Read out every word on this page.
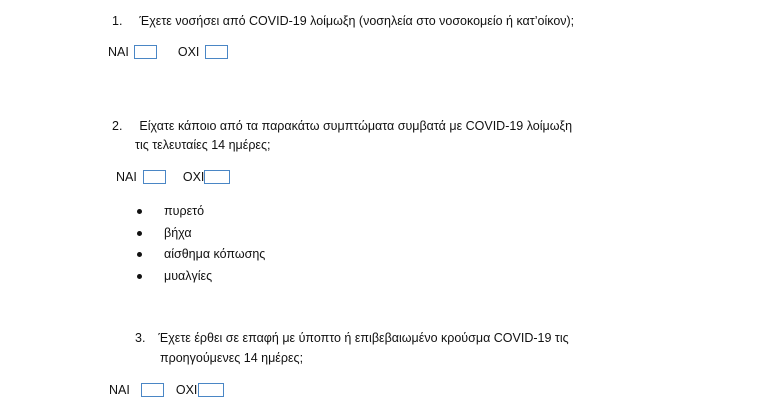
1. Έχετε νοσήσει από COVID-19 λοίμωξη (νοσηλεία στο νοσοκομείο ή κατ’οίκον);
ΝΑΙ	ΟΧΙ
2. Είχατε κάποιο από τα παρακάτω συμπτώματα συμβατά με COVID-19 λοίμωξη
τις τελευταίες 14 ημέρες;
ΝΑΙ	ΟΧΙ
πυρετό
βήχα
αίσθημα κόπωσης
μυαλγίες
3. Έχετε έρθει σε επαφή με ύποπτο ή επιβεβαιωμένο κρούσμα COVID-19 τις
προηγούμενες 14 ημέρες;
ΝΑΙ	ΟΧΙ
